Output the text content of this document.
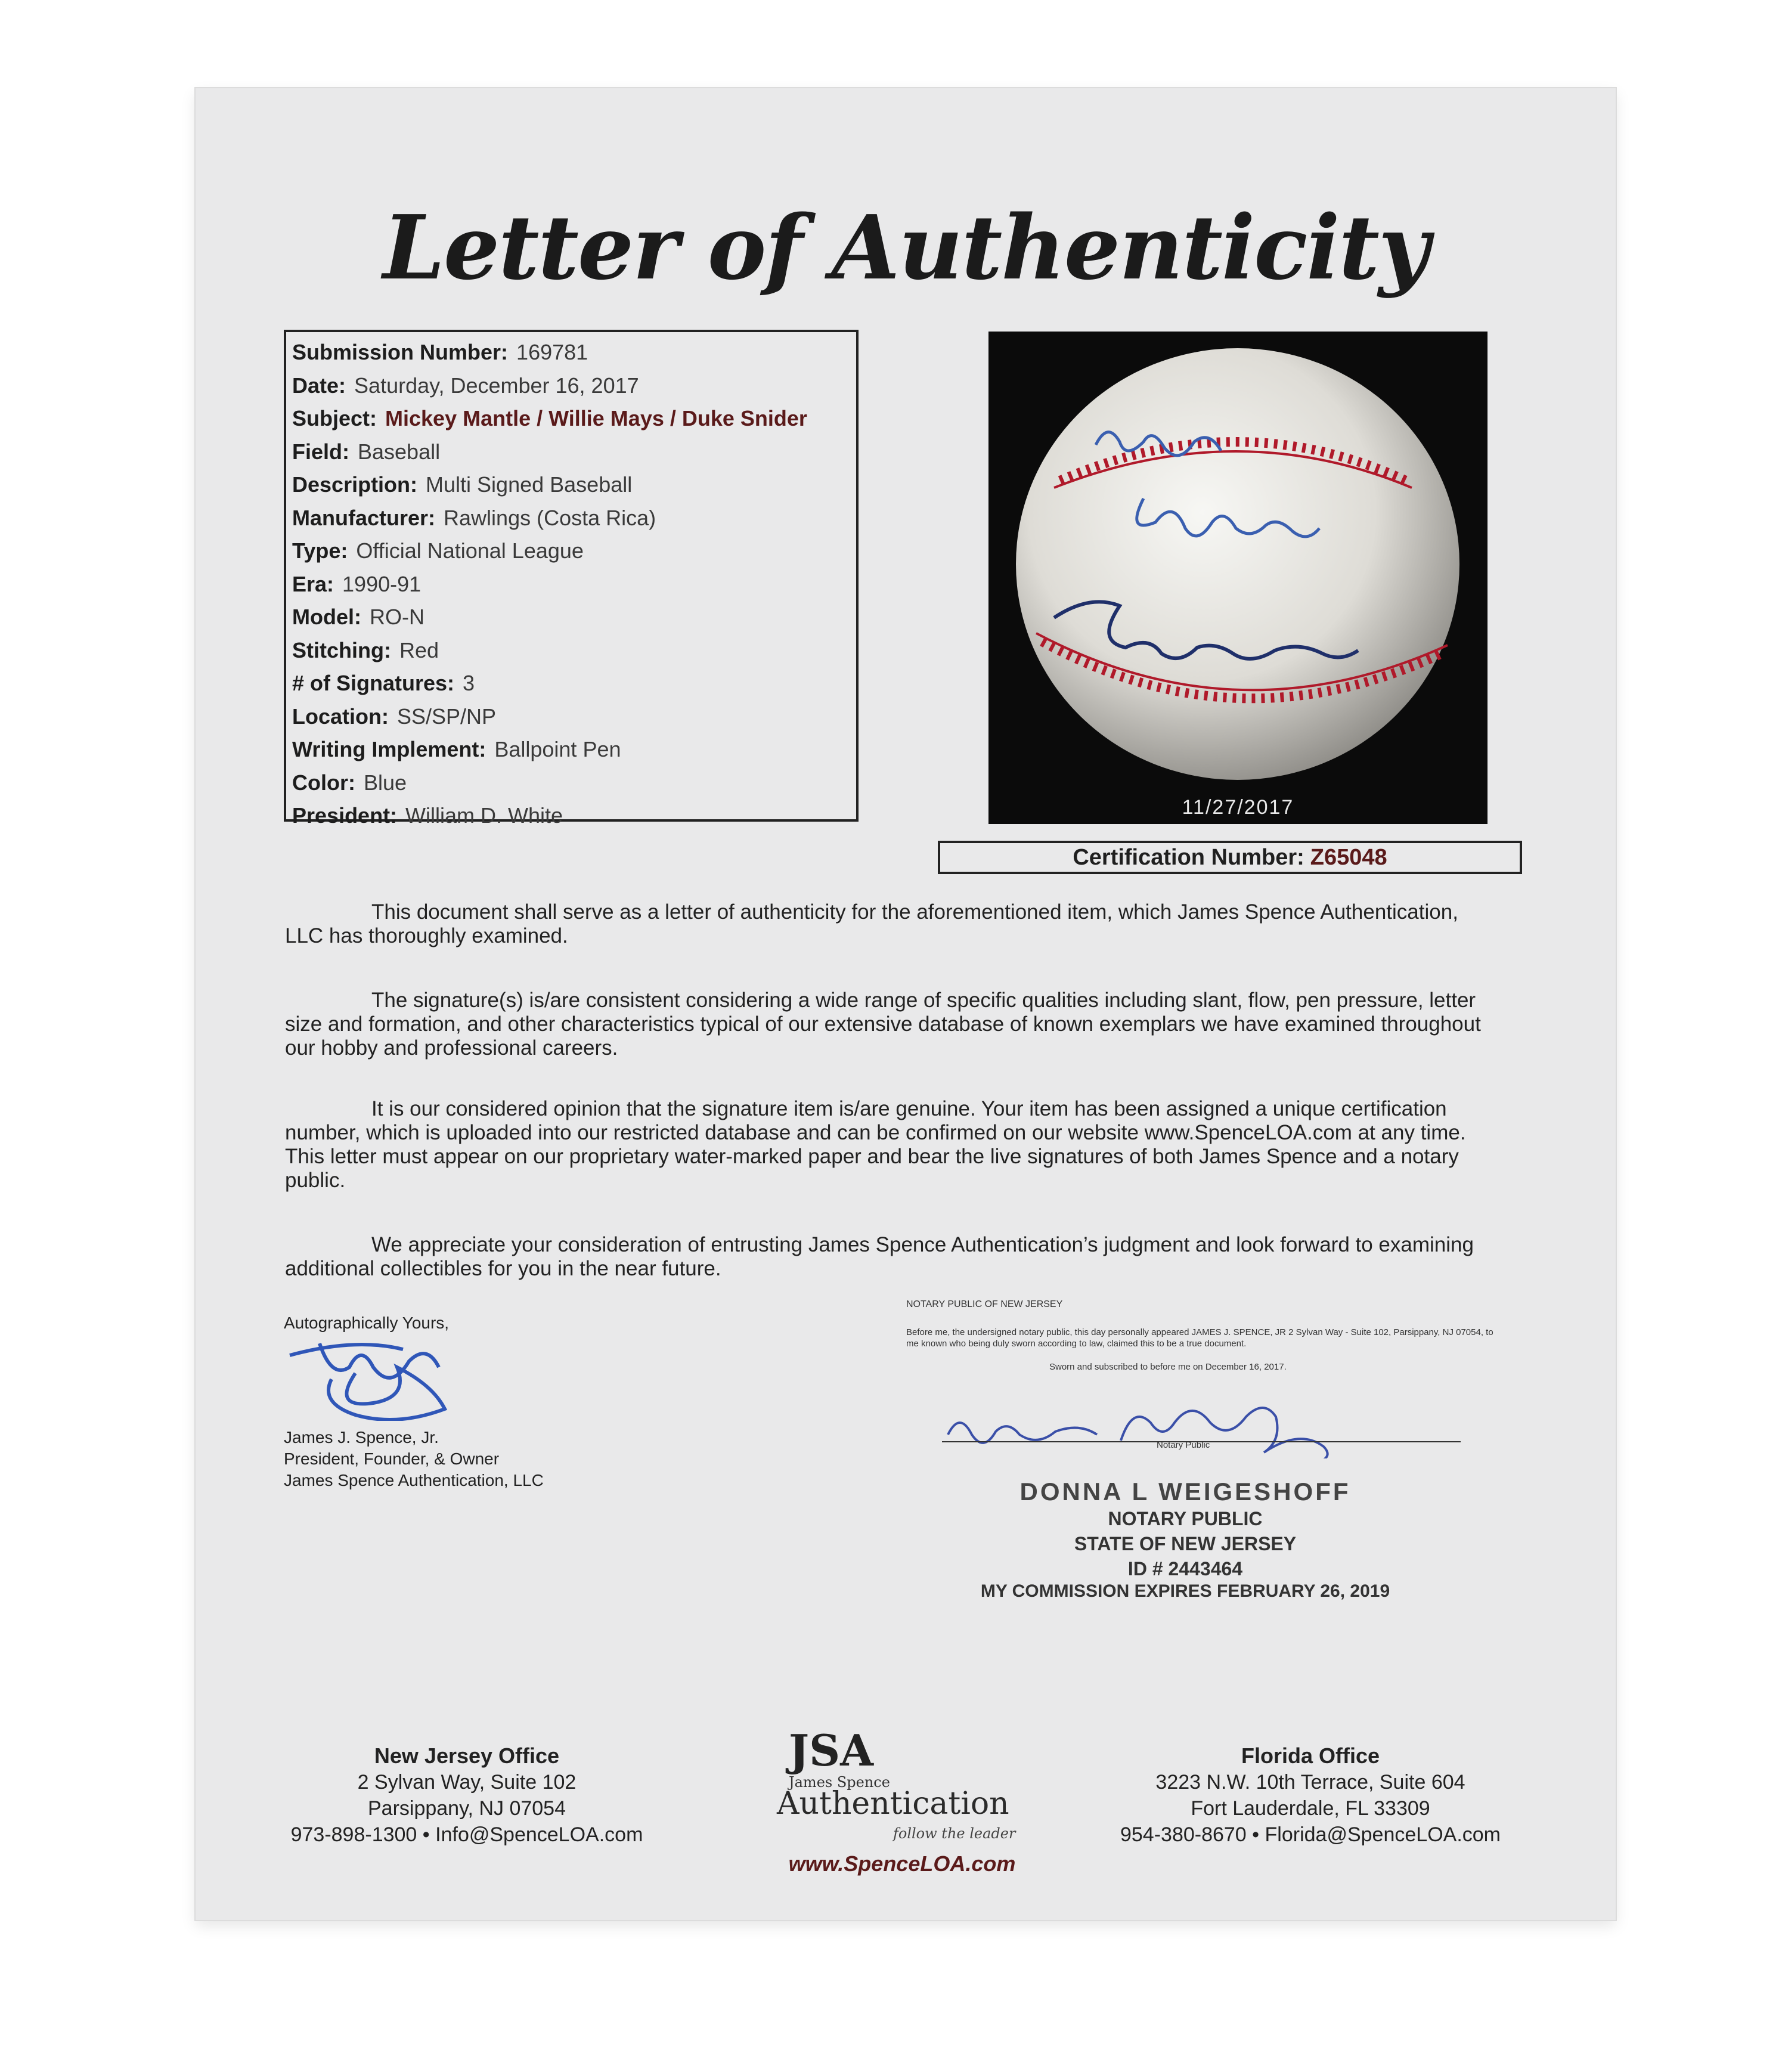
Letter of Authenticity
Submission Number: 169781
Date: Saturday, December 16, 2017
Subject: Mickey Mantle / Willie Mays / Duke Snider
Field: Baseball
Description: Multi Signed Baseball
Manufacturer: Rawlings (Costa Rica)
Type: Official National League
Era: 1990-91
Model: RO-N
Stitching: Red
# of Signatures: 3
Location: SS/SP/NP
Writing Implement: Ballpoint Pen
Color: Blue
President: William D. White	11/27/2017
Certification Number: Z65048

This document shall serve as a letter of authenticity for the aforementioned item, which James Spence Authentication, LLC has thoroughly examined.

The signature(s) is/are consistent considering a wide range of specific qualities including slant, flow, pen pressure, letter size and formation, and other characteristics typical of our extensive database of known exemplars we have examined throughout our hobby and professional careers.

It is our considered opinion that the signature item is/are genuine. Your item has been assigned a unique certification number, which is uploaded into our restricted database and can be confirmed on our website www.SpenceLOA.com at any time. This letter must appear on our proprietary water-marked paper and bear the live signatures of both James Spence and a notary public.

We appreciate your consideration of entrusting James Spence Authentication’s judgment and look forward to examining additional collectibles for you in the near future.

Autographically Yours,
James J. Spence, Jr.
President, Founder, & Owner
James Spence Authentication, LLC
NOTARY PUBLIC OF NEW JERSEY
Before me, the undersigned notary public, this day personally appeared JAMES J. SPENCE, JR 2 Sylvan Way - Suite 102, Parsippany, NJ 07054, to me known who being duly sworn according to law, claimed this to be a true document.
Sworn and subscribed to before me on December 16, 2017.
Notary Public
DONNA L WEIGESHOFF
NOTARY PUBLIC
STATE OF NEW JERSEY
ID # 2443464
MY COMMISSION EXPIRES FEBRUARY 26, 2019
New Jersey Office
2 Sylvan Way, Suite 102
Parsippany, NJ 07054
973-898-1300 • Info@SpenceLOA.com
JSA
James Spence
Authentication
follow the leader
www.SpenceLOA.com
Florida Office
3223 N.W. 10th Terrace, Suite 604
Fort Lauderdale, FL 33309
954-380-8670 • Florida@SpenceLOA.com
